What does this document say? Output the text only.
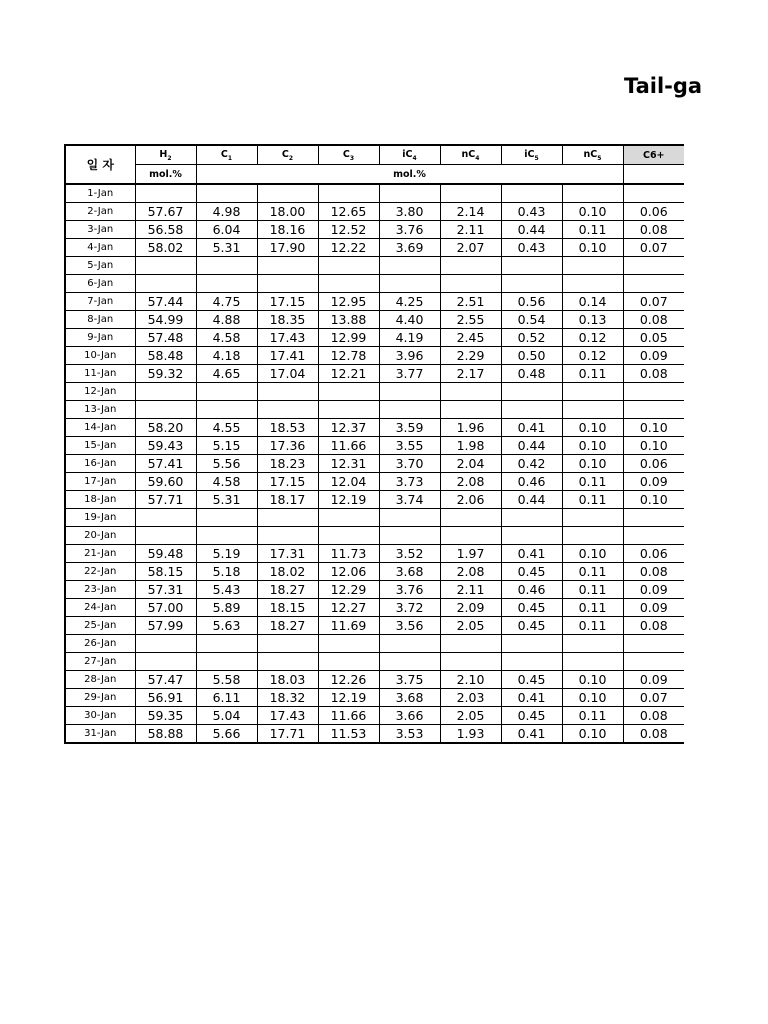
Tail-ga
일 자	$H_2$	$C_1$	$C_2$	$C_3$	$iC_4$	$nC_4$	$iC_5$	$nC_5$	C6+
	mol.%	mol.%							
1-Jan									
2-Jan	57.67	4.98	18.00	12.65	3.80	2.14	0.43	0.10	0.06
3-Jan	56.58	6.04	18.16	12.52	3.76	2.11	0.44	0.11	0.08
4-Jan	58.02	5.31	17.90	12.22	3.69	2.07	0.43	0.10	0.07
5-Jan									
6-Jan									
7-Jan	57.44	4.75	17.15	12.95	4.25	2.51	0.56	0.14	0.07
8-Jan	54.99	4.88	18.35	13.88	4.40	2.55	0.54	0.13	0.08
9-Jan	57.48	4.58	17.43	12.99	4.19	2.45	0.52	0.12	0.05
10-Jan	58.48	4.18	17.41	12.78	3.96	2.29	0.50	0.12	0.09
11-Jan	59.32	4.65	17.04	12.21	3.77	2.17	0.48	0.11	0.08
12-Jan									
13-Jan									
14-Jan	58.20	4.55	18.53	12.37	3.59	1.96	0.41	0.10	0.10
15-Jan	59.43	5.15	17.36	11.66	3.55	1.98	0.44	0.10	0.10
16-Jan	57.41	5.56	18.23	12.31	3.70	2.04	0.42	0.10	0.06
17-Jan	59.60	4.58	17.15	12.04	3.73	2.08	0.46	0.11	0.09
18-Jan	57.71	5.31	18.17	12.19	3.74	2.06	0.44	0.11	0.10
19-Jan									
20-Jan									
21-Jan	59.48	5.19	17.31	11.73	3.52	1.97	0.41	0.10	0.06
22-Jan	58.15	5.18	18.02	12.06	3.68	2.08	0.45	0.11	0.08
23-Jan	57.31	5.43	18.27	12.29	3.76	2.11	0.46	0.11	0.09
24-Jan	57.00	5.89	18.15	12.27	3.72	2.09	0.45	0.11	0.09
25-Jan	57.99	5.63	18.27	11.69	3.56	2.05	0.45	0.11	0.08
26-Jan									
27-Jan									
28-Jan	57.47	5.58	18.03	12.26	3.75	2.10	0.45	0.10	0.09
29-Jan	56.91	6.11	18.32	12.19	3.68	2.03	0.41	0.10	0.07
30-Jan	59.35	5.04	17.43	11.66	3.66	2.05	0.45	0.11	0.08
31-Jan	58.88	5.66	17.71	11.53	3.53	1.93	0.41	0.10	0.08
